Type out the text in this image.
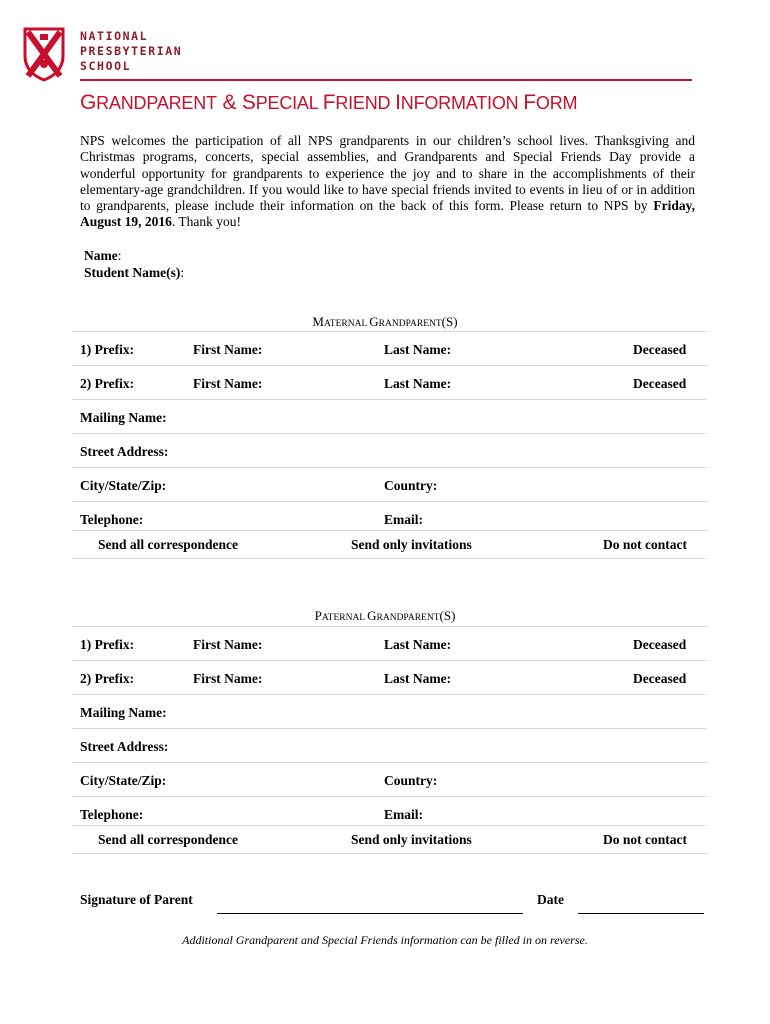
NATIONAL
PRESBYTERIAN
SCHOOL
GRANDPARENT & SPECIAL FRIEND INFORMATION FORM
NPS welcomes the participation of all NPS grandparents in our children’s school lives. Thanksgiving and Christmas programs, concerts, special assemblies, and Grandparents and Special Friends Day provide a wonderful opportunity for grandparents to experience the joy and to share in the accomplishments of their elementary-age grandchildren. If you would like to have special friends invited to events in lieu of or in addition to grandparents, please include their information on the back of this form. Please return to NPS by Friday, August 19, 2016. Thank you!
Name:
Student Name(s):
MATERNAL GRANDPARENT(S)
1) Prefix:	First Name:	Last Name:	Deceased
2) Prefix:	First Name:	Last Name:	Deceased
Mailing Name:
Street Address:
City/State/Zip:	Country:
Telephone:	Email:
Send all correspondence	Send only invitations	Do not contact
PATERNAL GRANDPARENT(S)
1) Prefix:	First Name:	Last Name:	Deceased
2) Prefix:	First Name:	Last Name:	Deceased
Mailing Name:
Street Address:
City/State/Zip:	Country:
Telephone:	Email:
Send all correspondence	Send only invitations	Do not contact
Signature of Parent	Date
Additional Grandparent and Special Friends information can be filled in on reverse.
